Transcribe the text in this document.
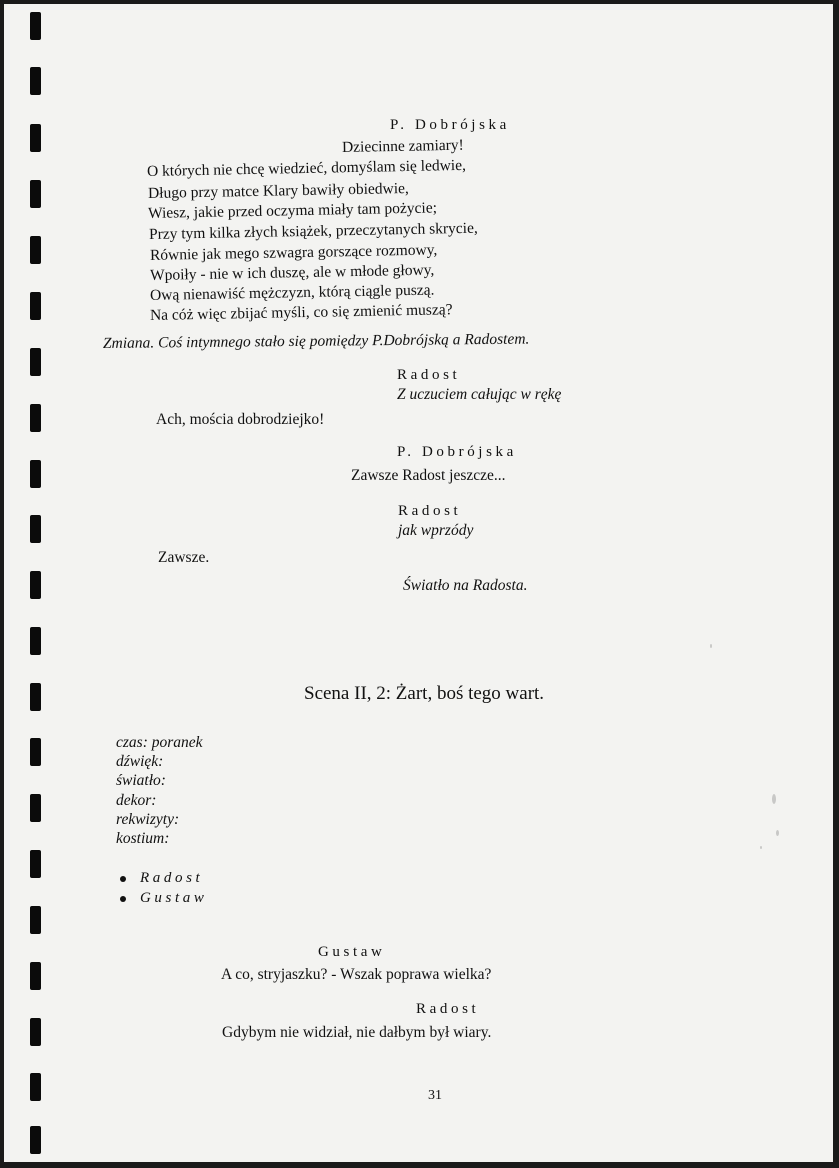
P. Dobrójska
Dziecinne zamiary!
O których nie chcę wiedzieć, domyślam się ledwie,
Długo przy matce Klary bawiły obiedwie,
Wiesz, jakie przed oczyma miały tam pożycie;
Przy tym kilka złych książek, przeczytanych skrycie,
Równie jak mego szwagra gorszące rozmowy,
Wpoiły - nie w ich duszę, ale w młode głowy,
Ową nienawiść mężczyzn, którą ciągle puszą.
Na cóż więc zbijać myśli, co się zmienić muszą?
Zmiana. Coś intymnego stało się pomiędzy P.Dobrójską a Radostem.
Radost
Z uczuciem całując w rękę
Ach, mościa dobrodziejko!
P. Dobrójska
Zawsze Radost jeszcze...
Radost
jak wprzódy
Zawsze.
Światło na Radosta.
Scena II, 2: Żart, boś tego wart.
czas: poranek
dźwięk:
światło:
dekor:
rekwizyty:
kostium:
Radost
Gustaw
Gustaw
A co, stryjaszku? - Wszak poprawa wielka?
Radost
Gdybym nie widział, nie dałbym był wiary.
31
